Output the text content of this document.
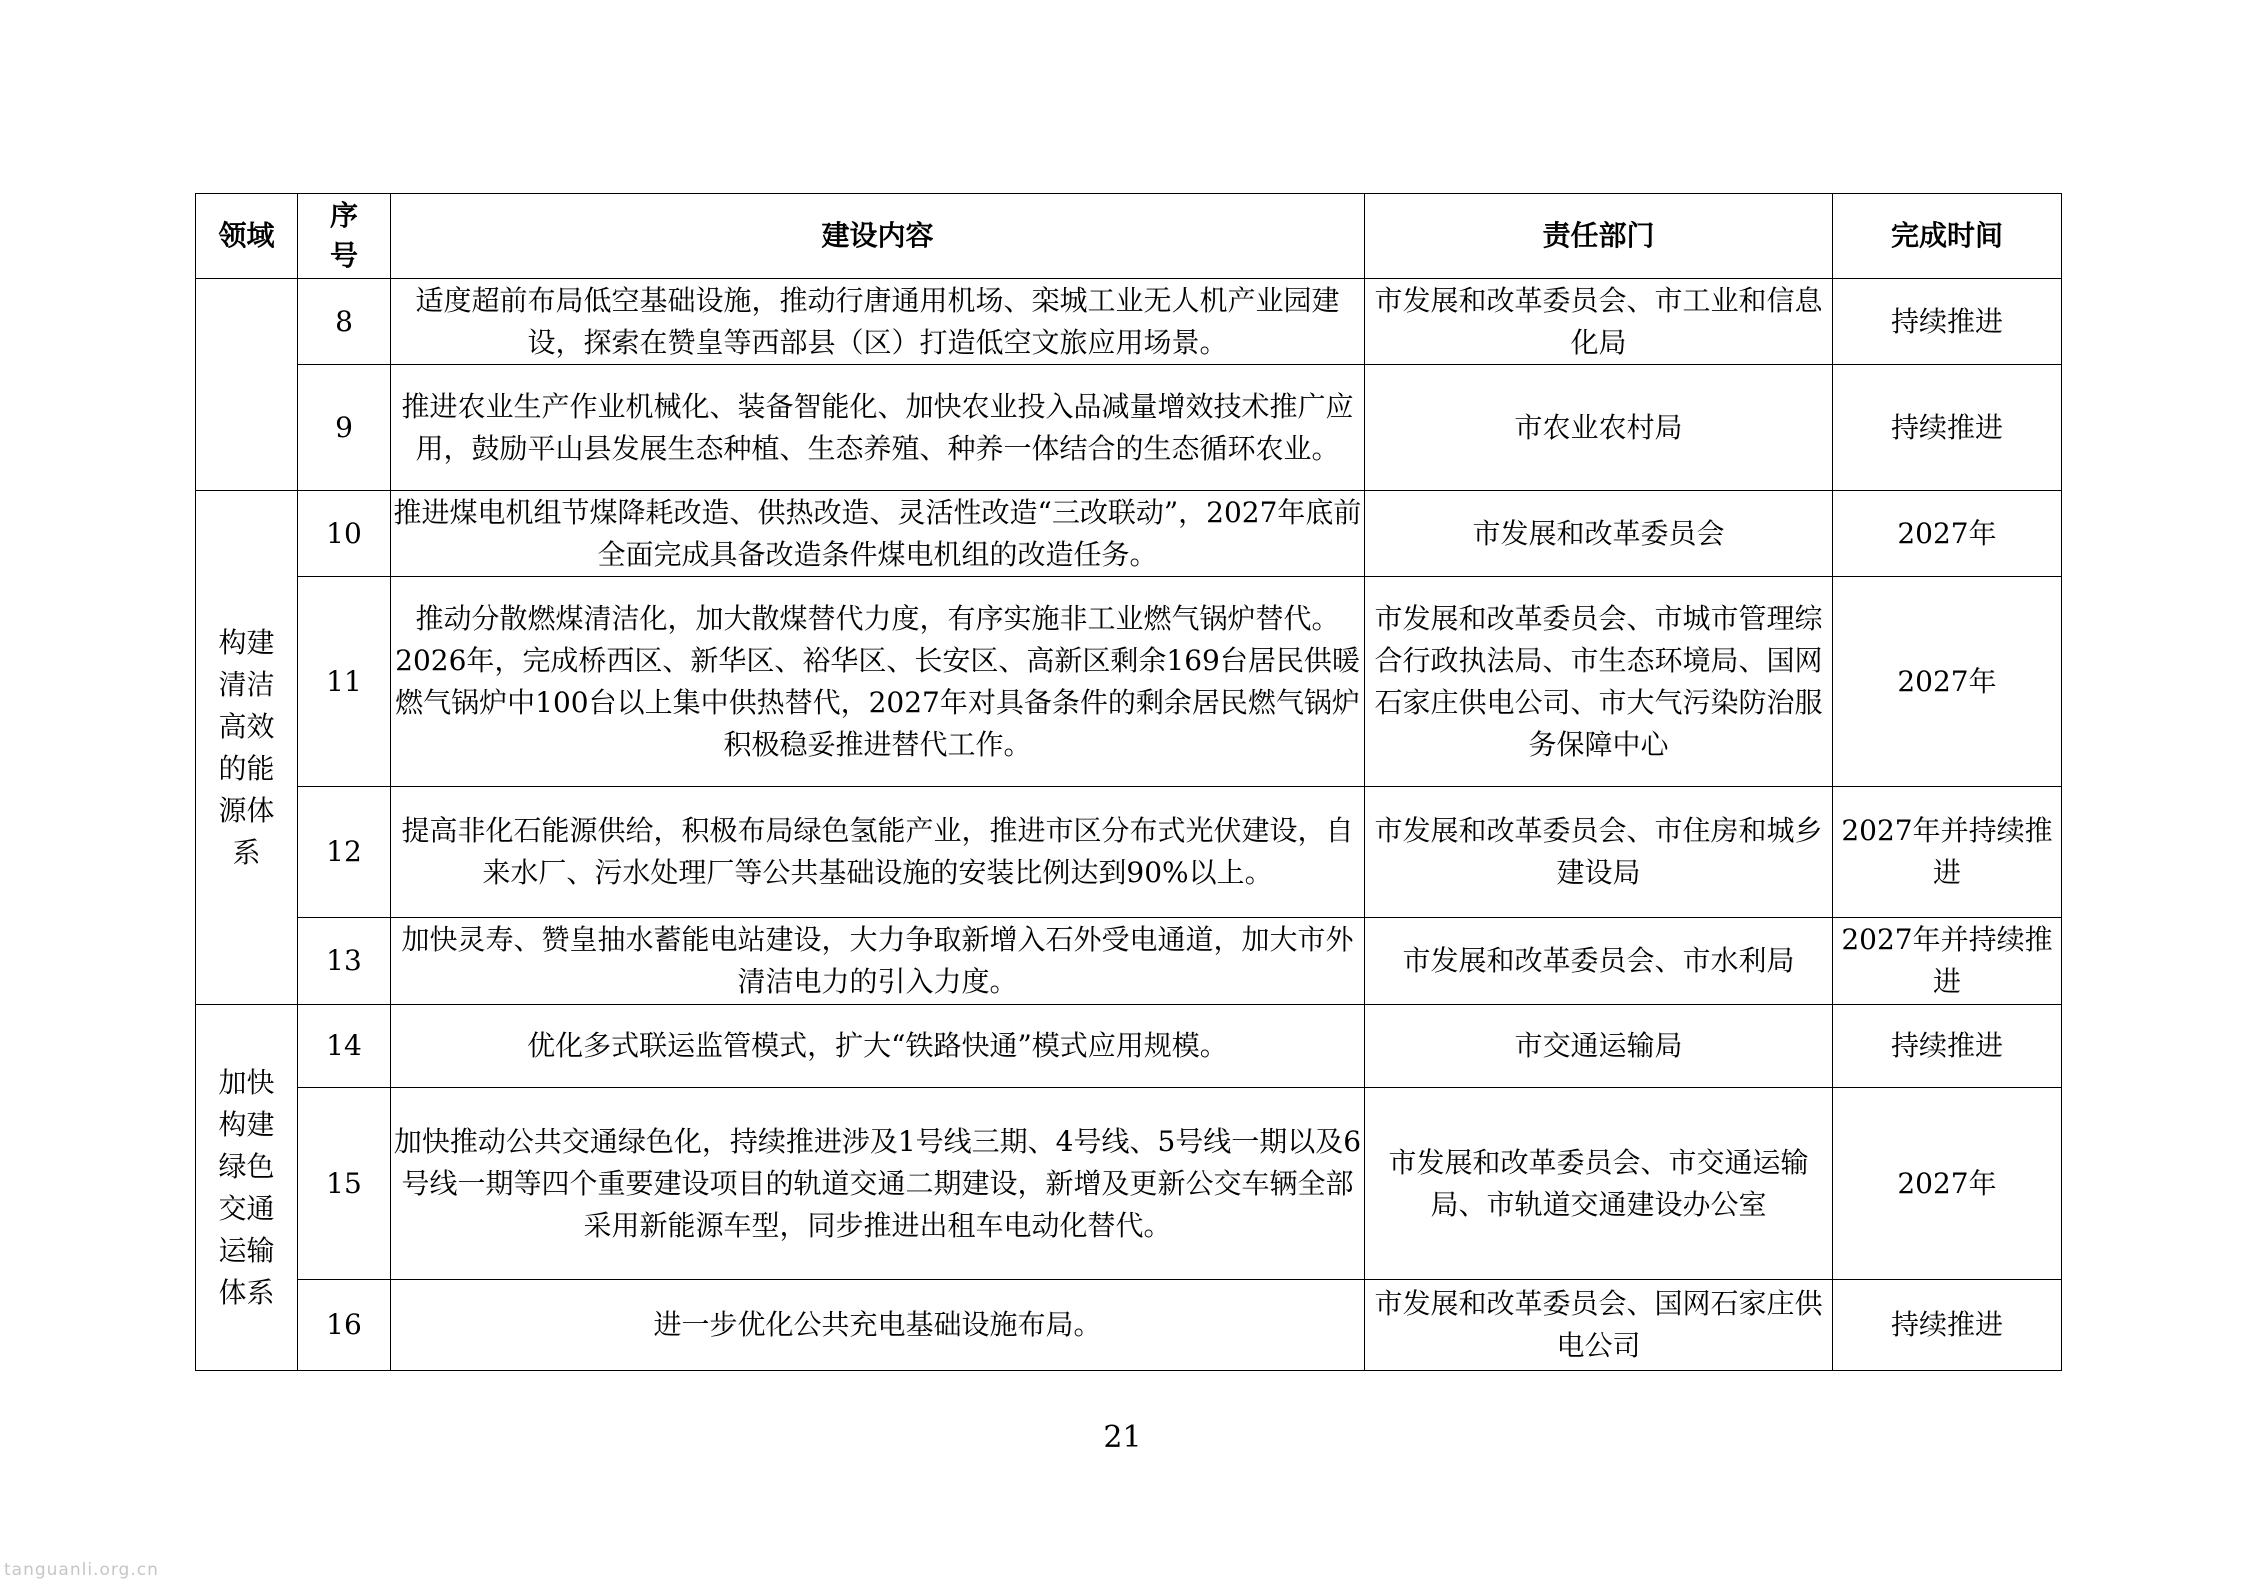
领域	序号	建设内容	责任部门	完成时间

	8	适度超前布局低空基础设施，推动行唐通用机场、栾城工业无人机产业园建设，探索在赞皇等西部县（区）打造低空文旅应用场景。	市发展和改革委员会、市工业和信息化局	持续推进
	9	推进农业生产作业机械化、装备智能化、加快农业投入品减量增效技术推广应用，鼓励平山县发展生态种植、生态养殖、种养一体结合的生态循环农业。	市农业农村局	持续推进

构建清洁高效的能源体系	10	推进煤电机组节煤降耗改造、供热改造、灵活性改造“三改联动”，2027年底前全面完成具备改造条件煤电机组的改造任务。	市发展和改革委员会	2027年
	11	推动分散燃煤清洁化，加大散煤替代力度，有序实施非工业燃气锅炉替代。2026年，完成桥西区、新华区、裕华区、长安区、高新区剩余169台居民供暖燃气锅炉中100台以上集中供热替代，2027年对具备条件的剩余居民燃气锅炉积极稳妥推进替代工作。	市发展和改革委员会、市城市管理综合行政执法局、市生态环境局、国网石家庄供电公司、市大气污染防治服务保障中心	2027年
	12	提高非化石能源供给，积极布局绿色氢能产业，推进市区分布式光伏建设，自来水厂、污水处理厂等公共基础设施的安装比例达到90%以上。	市发展和改革委员会、市住房和城乡建设局	2027年并持续推进
	13	加快灵寿、赞皇抽水蓄能电站建设，大力争取新增入石外受电通道，加大市外清洁电力的引入力度。	市发展和改革委员会、市水利局	2027年并持续推进

加快构建绿色交通运输体系	14	优化多式联运监管模式，扩大“铁路快通”模式应用规模。	市交通运输局	持续推进
	15	加快推动公共交通绿色化，持续推进涉及1号线三期、4号线、5号线一期以及6号线一期等四个重要建设项目的轨道交通二期建设，新增及更新公交车辆全部采用新能源车型，同步推进出租车电动化替代。	市发展和改革委员会、市交通运输局、市轨道交通建设办公室	2027年
	16	进一步优化公共充电基础设施布局。	市发展和改革委员会、国网石家庄供电公司	持续推进
21
tanguanli.org.cn
